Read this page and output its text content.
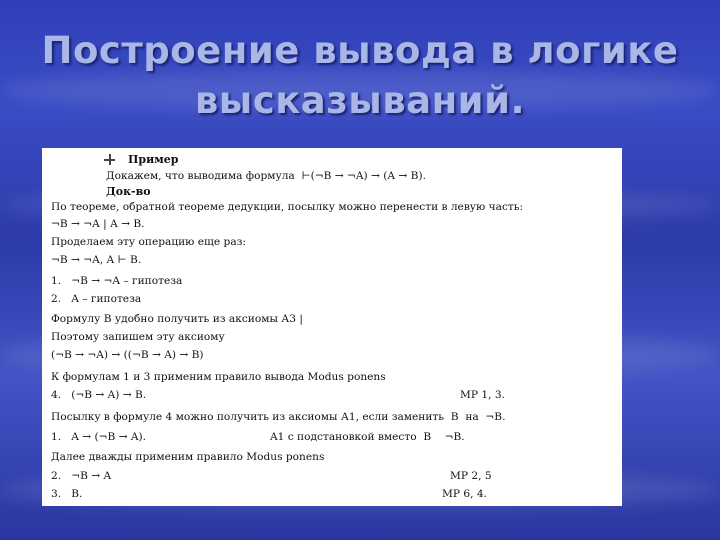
Построение вывода в логике
высказываний.
Пример
Докажем, что выводима формула  ⊢(¬B → ¬A) → (A → B).
Док-во
По теореме, обратной теореме дедукции, посылку можно перенести в левую часть:
¬B → ¬A | A → B.
Проделаем эту операцию еще раз:
¬B → ¬A, A ⊢ B.
1.   ¬B → ¬A – гипотеза
2.   A – гипотеза
Формулу B удобно получить из аксиомы А3 |
Поэтому запишем эту аксиому
(¬B → ¬A) → ((¬B → A) → B)
К формулам 1 и 3 применим правило вывода Modus ponens
4.   (¬B → A) → B.	MP 1, 3.
Посылку в формуле 4 можно получить из аксиомы А1, если заменить  B  на  ¬B.
1.   A → (¬B → A).	A1 с подстановкой вместо  B    ¬B.
Далее дважды применим правило Modus ponens
2.   ¬B → A	MP 2, 5
3.   B.	MP 6, 4.
